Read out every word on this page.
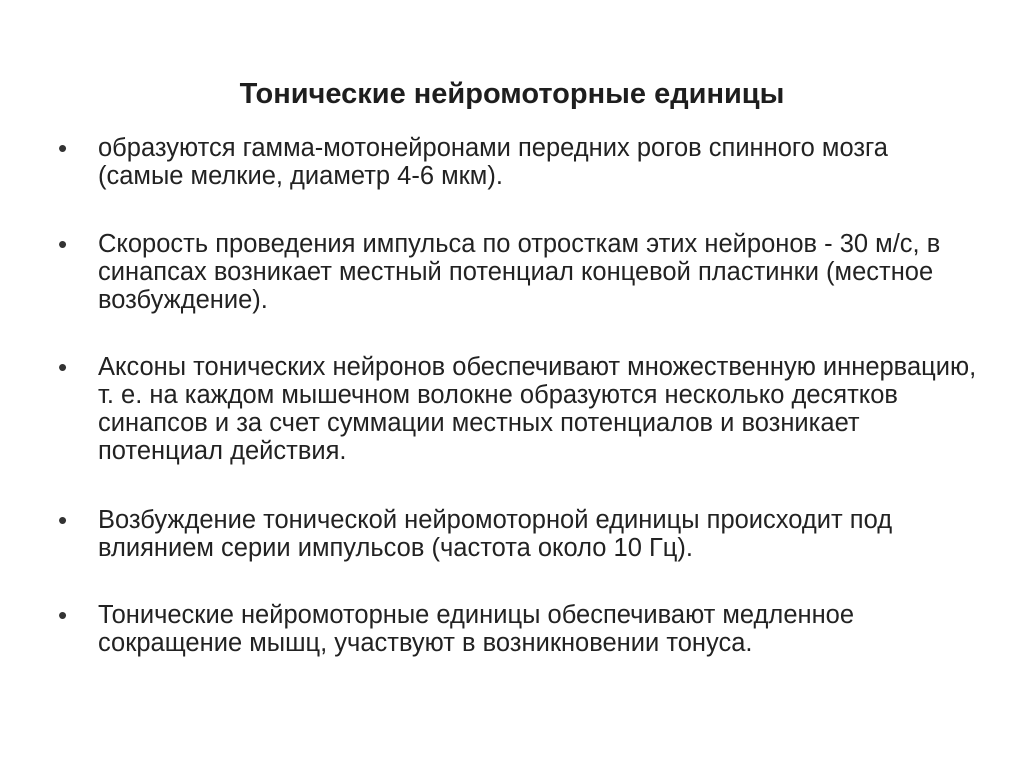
Тонические нейромоторные единицы
•	образуются гамма-мотонейронами передних рогов спинного мозга (самые мелкие, диаметр 4-6 мкм).
•	Скорость проведения импульса по отросткам этих нейронов - 30 м/с, в синапсах возникает местный потенциал концевой пластинки (местное возбуждение).
•	Аксоны тонических нейронов обеспечивают множественную иннервацию, т. е. на каждом мышечном волокне образуются несколько десятков синапсов и за счет суммации местных потенциалов и возникает потенциал действия.
•	Возбуждение тонической нейромоторной единицы происходит под влиянием серии импульсов (частота около 10 Гц).
•	Тонические нейромоторные единицы обеспечивают медленное сокращение мышц, участвуют в возникновении тонуса.
